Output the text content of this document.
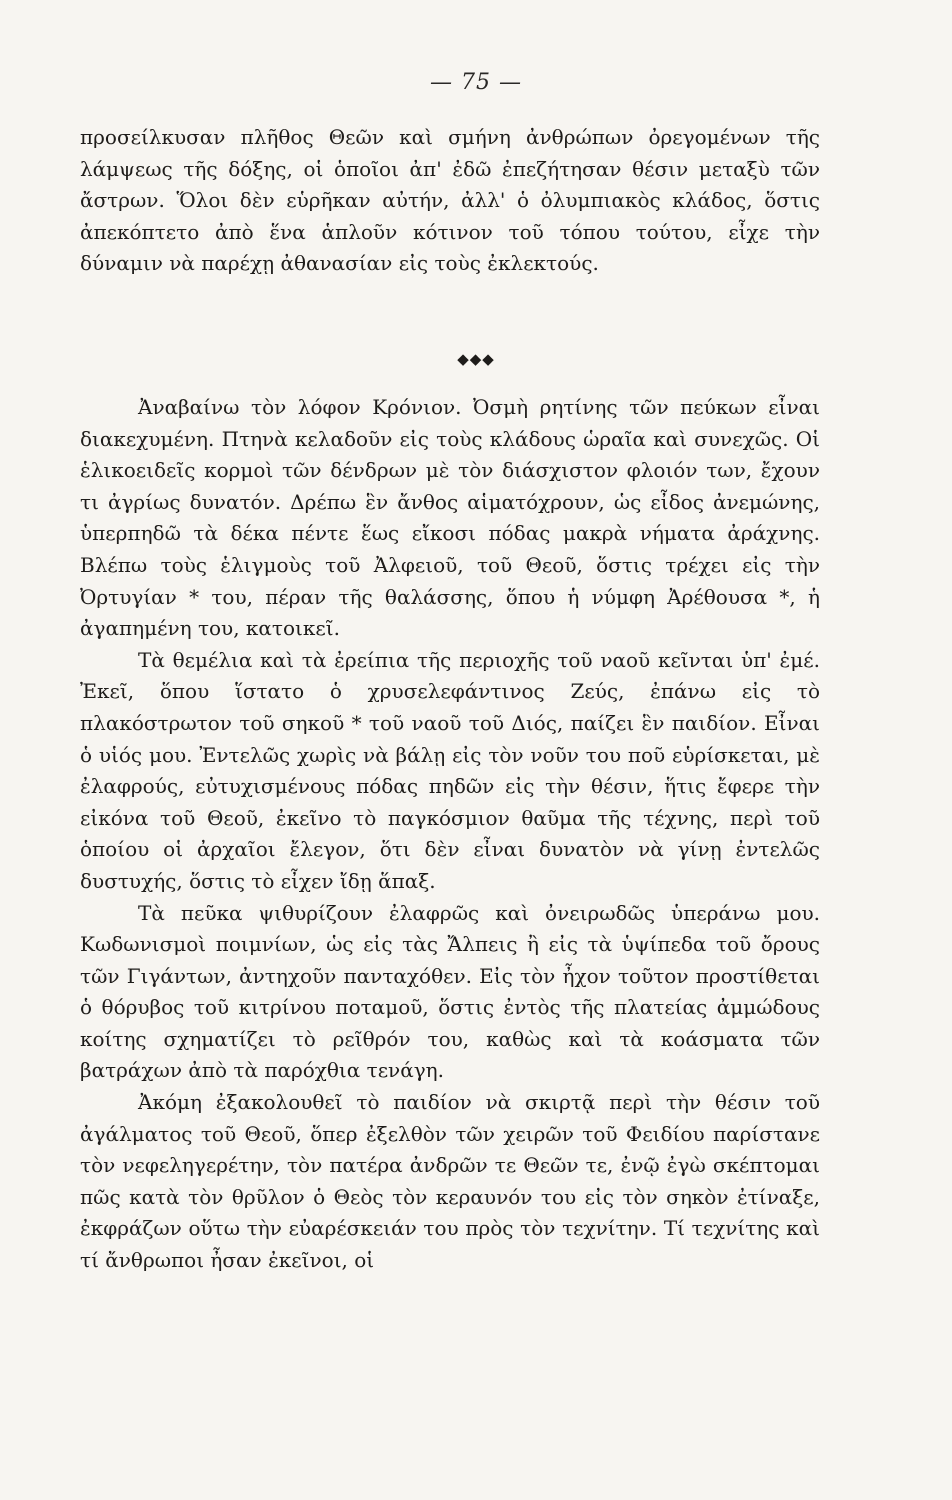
— 75 —

προσείλκυσαν πλῆθος Θεῶν καὶ σμήνη ἀνθρώπων ὀρεγομένων τῆς λάμψεως τῆς δόξης, οἱ ὁποῖοι ἀπ' ἐδῶ ἐπεζήτησαν θέσιν μεταξὺ τῶν ἄστρων. Ὅλοι δὲν εὑρῆκαν αὐτήν, ἀλλ' ὁ ὀλυμπιακὸς κλάδος, ὅστις ἀπεκόπτετο ἀπὸ ἕνα ἁπλοῦν κότινον τοῦ τόπου τούτου, εἶχε τὴν δύναμιν νὰ παρέχῃ ἀθανασίαν εἰς τοὺς ἐκλεκτούς.

◆◆◆

Ἀναβαίνω τὸν λόφον Κρόνιον. Ὀσμὴ ρητίνης τῶν πεύκων εἶναι διακεχυμένη. Πτηνὰ κελαδοῦν εἰς τοὺς κλάδους ὡραῖα καὶ συνεχῶς. Οἱ ἑλικοειδεῖς κορμοὶ τῶν δένδρων μὲ τὸν διάσχιστον φλοιόν των, ἔχουν τι ἀγρίως δυνατόν. Δρέπω ἓν ἄνθος αἱματόχρουν, ὡς εἶδος ἀνεμώνης, ὑπερπηδῶ τὰ δέκα πέντε ἕως εἴκοσι πόδας μακρὰ νήματα ἀράχνης. Βλέπω τοὺς ἑλιγμοὺς τοῦ Ἀλφειοῦ, τοῦ Θεοῦ, ὅστις τρέχει εἰς τὴν Ὀρτυγίαν * του, πέραν τῆς θαλάσσης, ὅπου ἡ νύμφη Ἀρέθουσα *, ἡ ἀγαπημένη του, κατοικεῖ.

Τὰ θεμέλια καὶ τὰ ἐρείπια τῆς περιοχῆς τοῦ ναοῦ κεῖνται ὑπ' ἐμέ. Ἐκεῖ, ὅπου ἵστατο ὁ χρυσελεφάντινος Ζεύς, ἐπάνω εἰς τὸ πλακόστρωτον τοῦ σηκοῦ * τοῦ ναοῦ τοῦ Διός, παίζει ἓν παιδίον. Εἶναι ὁ υἱός μου. Ἐντελῶς χωρὶς νὰ βάλῃ εἰς τὸν νοῦν του ποῦ εὑρίσκεται, μὲ ἐλαφρούς, εὐτυχισμένους πόδας πηδῶν εἰς τὴν θέσιν, ἥτις ἔφερε τὴν εἰκόνα τοῦ Θεοῦ, ἐκεῖνο τὸ παγκόσμιον θαῦμα τῆς τέχνης, περὶ τοῦ ὁποίου οἱ ἀρχαῖοι ἔλεγον, ὅτι δὲν εἶναι δυνατὸν νὰ γίνῃ ἐντελῶς δυστυχής, ὅστις τὸ εἶχεν ἴδῃ ἅπαξ.

Τὰ πεῦκα ψιθυρίζουν ἐλαφρῶς καὶ ὀνειρωδῶς ὑπεράνω μου. Κωδωνισμοὶ ποιμνίων, ὡς εἰς τὰς Ἄλπεις ἢ εἰς τὰ ὑψίπεδα τοῦ ὄρους τῶν Γιγάντων, ἀντηχοῦν πανταχόθεν. Εἰς τὸν ἦχον τοῦτον προστίθεται ὁ θόρυβος τοῦ κιτρίνου ποταμοῦ, ὅστις ἐντὸς τῆς πλατείας ἀμμώδους κοίτης σχηματίζει τὸ ρεῖθρόν του, καθὼς καὶ τὰ κοάσματα τῶν βατράχων ἀπὸ τὰ παρόχθια τενάγη.

Ἀκόμη ἐξακολουθεῖ τὸ παιδίον νὰ σκιρτᾷ περὶ τὴν θέσιν τοῦ ἀγάλματος τοῦ Θεοῦ, ὅπερ ἐξελθὸν τῶν χειρῶν τοῦ Φειδίου παρίστανε τὸν νεφεληγερέτην, τὸν πατέρα ἀνδρῶν τε Θεῶν τε, ἐνῷ ἐγὼ σκέπτομαι πῶς κατὰ τὸν θρῦλον ὁ Θεὸς τὸν κεραυνόν του εἰς τὸν σηκὸν ἐτίναξε, ἐκφράζων οὕτω τὴν εὐαρέσκειάν του πρὸς τὸν τεχνίτην. Τί τεχνίτης καὶ τί ἄνθρωποι ἦσαν ἐκεῖνοι, οἱ
